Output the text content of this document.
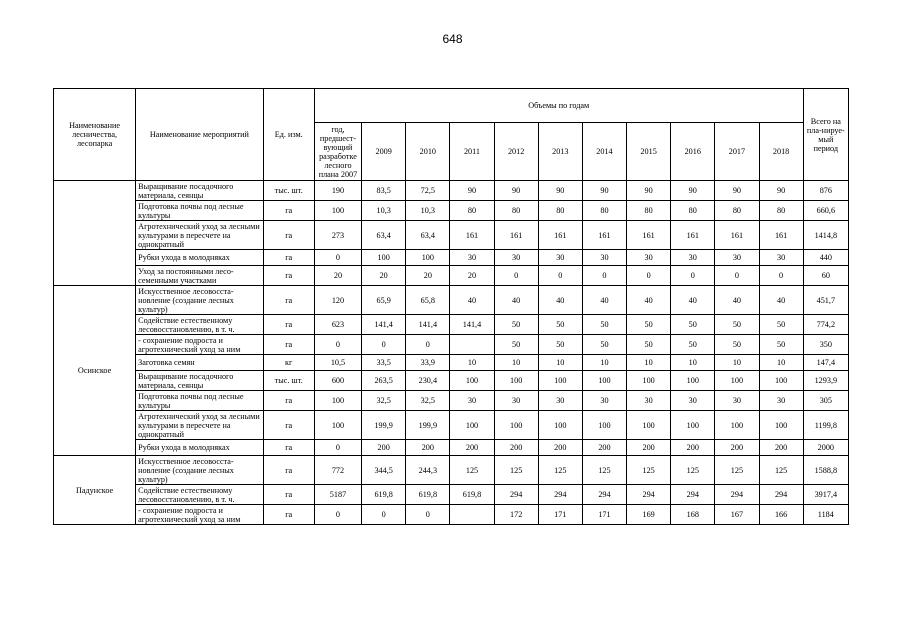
648
Наименование лесничества, лесопарка	Наименование мероприятий	Ед. изм.	Объемы по годам											Всего на пла-нируе-мый период
			год, предшест-вующий разработке лесного плана 2007	2009	2010	2011	2012	2013	2014	2015	2016	2017	2018	
	Выращивание посадочного материала, сеянцы	тыс. шт.	190	83,5	72,5	90	90	90	90	90	90	90	90	876
	Подготовка почвы под лесные культуры	га	100	10,3	10,3	80	80	80	80	80	80	80	80	660,6
	Агротехнический уход за лесными культурами в пересчете на однократный	га	273	63,4	63,4	161	161	161	161	161	161	161	161	1414,8
	Рубки ухода в молодняках	га	0	100	100	30	30	30	30	30	30	30	30	440
	Уход за постоянными лесо-семенными участками	га	20	20	20	20	0	0	0	0	0	0	0	60
Осинское	Искусственное лесовосста-новление (создание лесных культур)	га	120	65,9	65,8	40	40	40	40	40	40	40	40	451,7
	Содействие естественному лесовосстановлению, в т. ч.	га	623	141,4	141,4	141,4	50	50	50	50	50	50	50	774,2
	- сохранение подроста и агротехнический уход за ним	га	0	0	0		50	50	50	50	50	50	50	350
	Заготовка семян	кг	10,5	33,5	33,9	10	10	10	10	10	10	10	10	147,4
	Выращивание посадочного материала, сеянцы	тыс. шт.	600	263,5	230,4	100	100	100	100	100	100	100	100	1293,9
	Подготовка почвы под лесные культуры	га	100	32,5	32,5	30	30	30	30	30	30	30	30	305
	Агротехнический уход за лесными культурами в пересчете на однократный	га	100	199,9	199,9	100	100	100	100	100	100	100	100	1199,8
	Рубки ухода в молодняках	га	0	200	200	200	200	200	200	200	200	200	200	2000
Падунское	Искусственное лесовосста-новление (создание лесных культур)	га	772	344,5	244,3	125	125	125	125	125	125	125	125	1588,8
	Содействие естественному лесовосстановлению, в т. ч.	га	5187	619,8	619,8	619,8	294	294	294	294	294	294	294	3917,4
	- сохранение подроста и агротехнический уход за ним	га	0	0	0		172	171	171	169	168	167	166	1184
